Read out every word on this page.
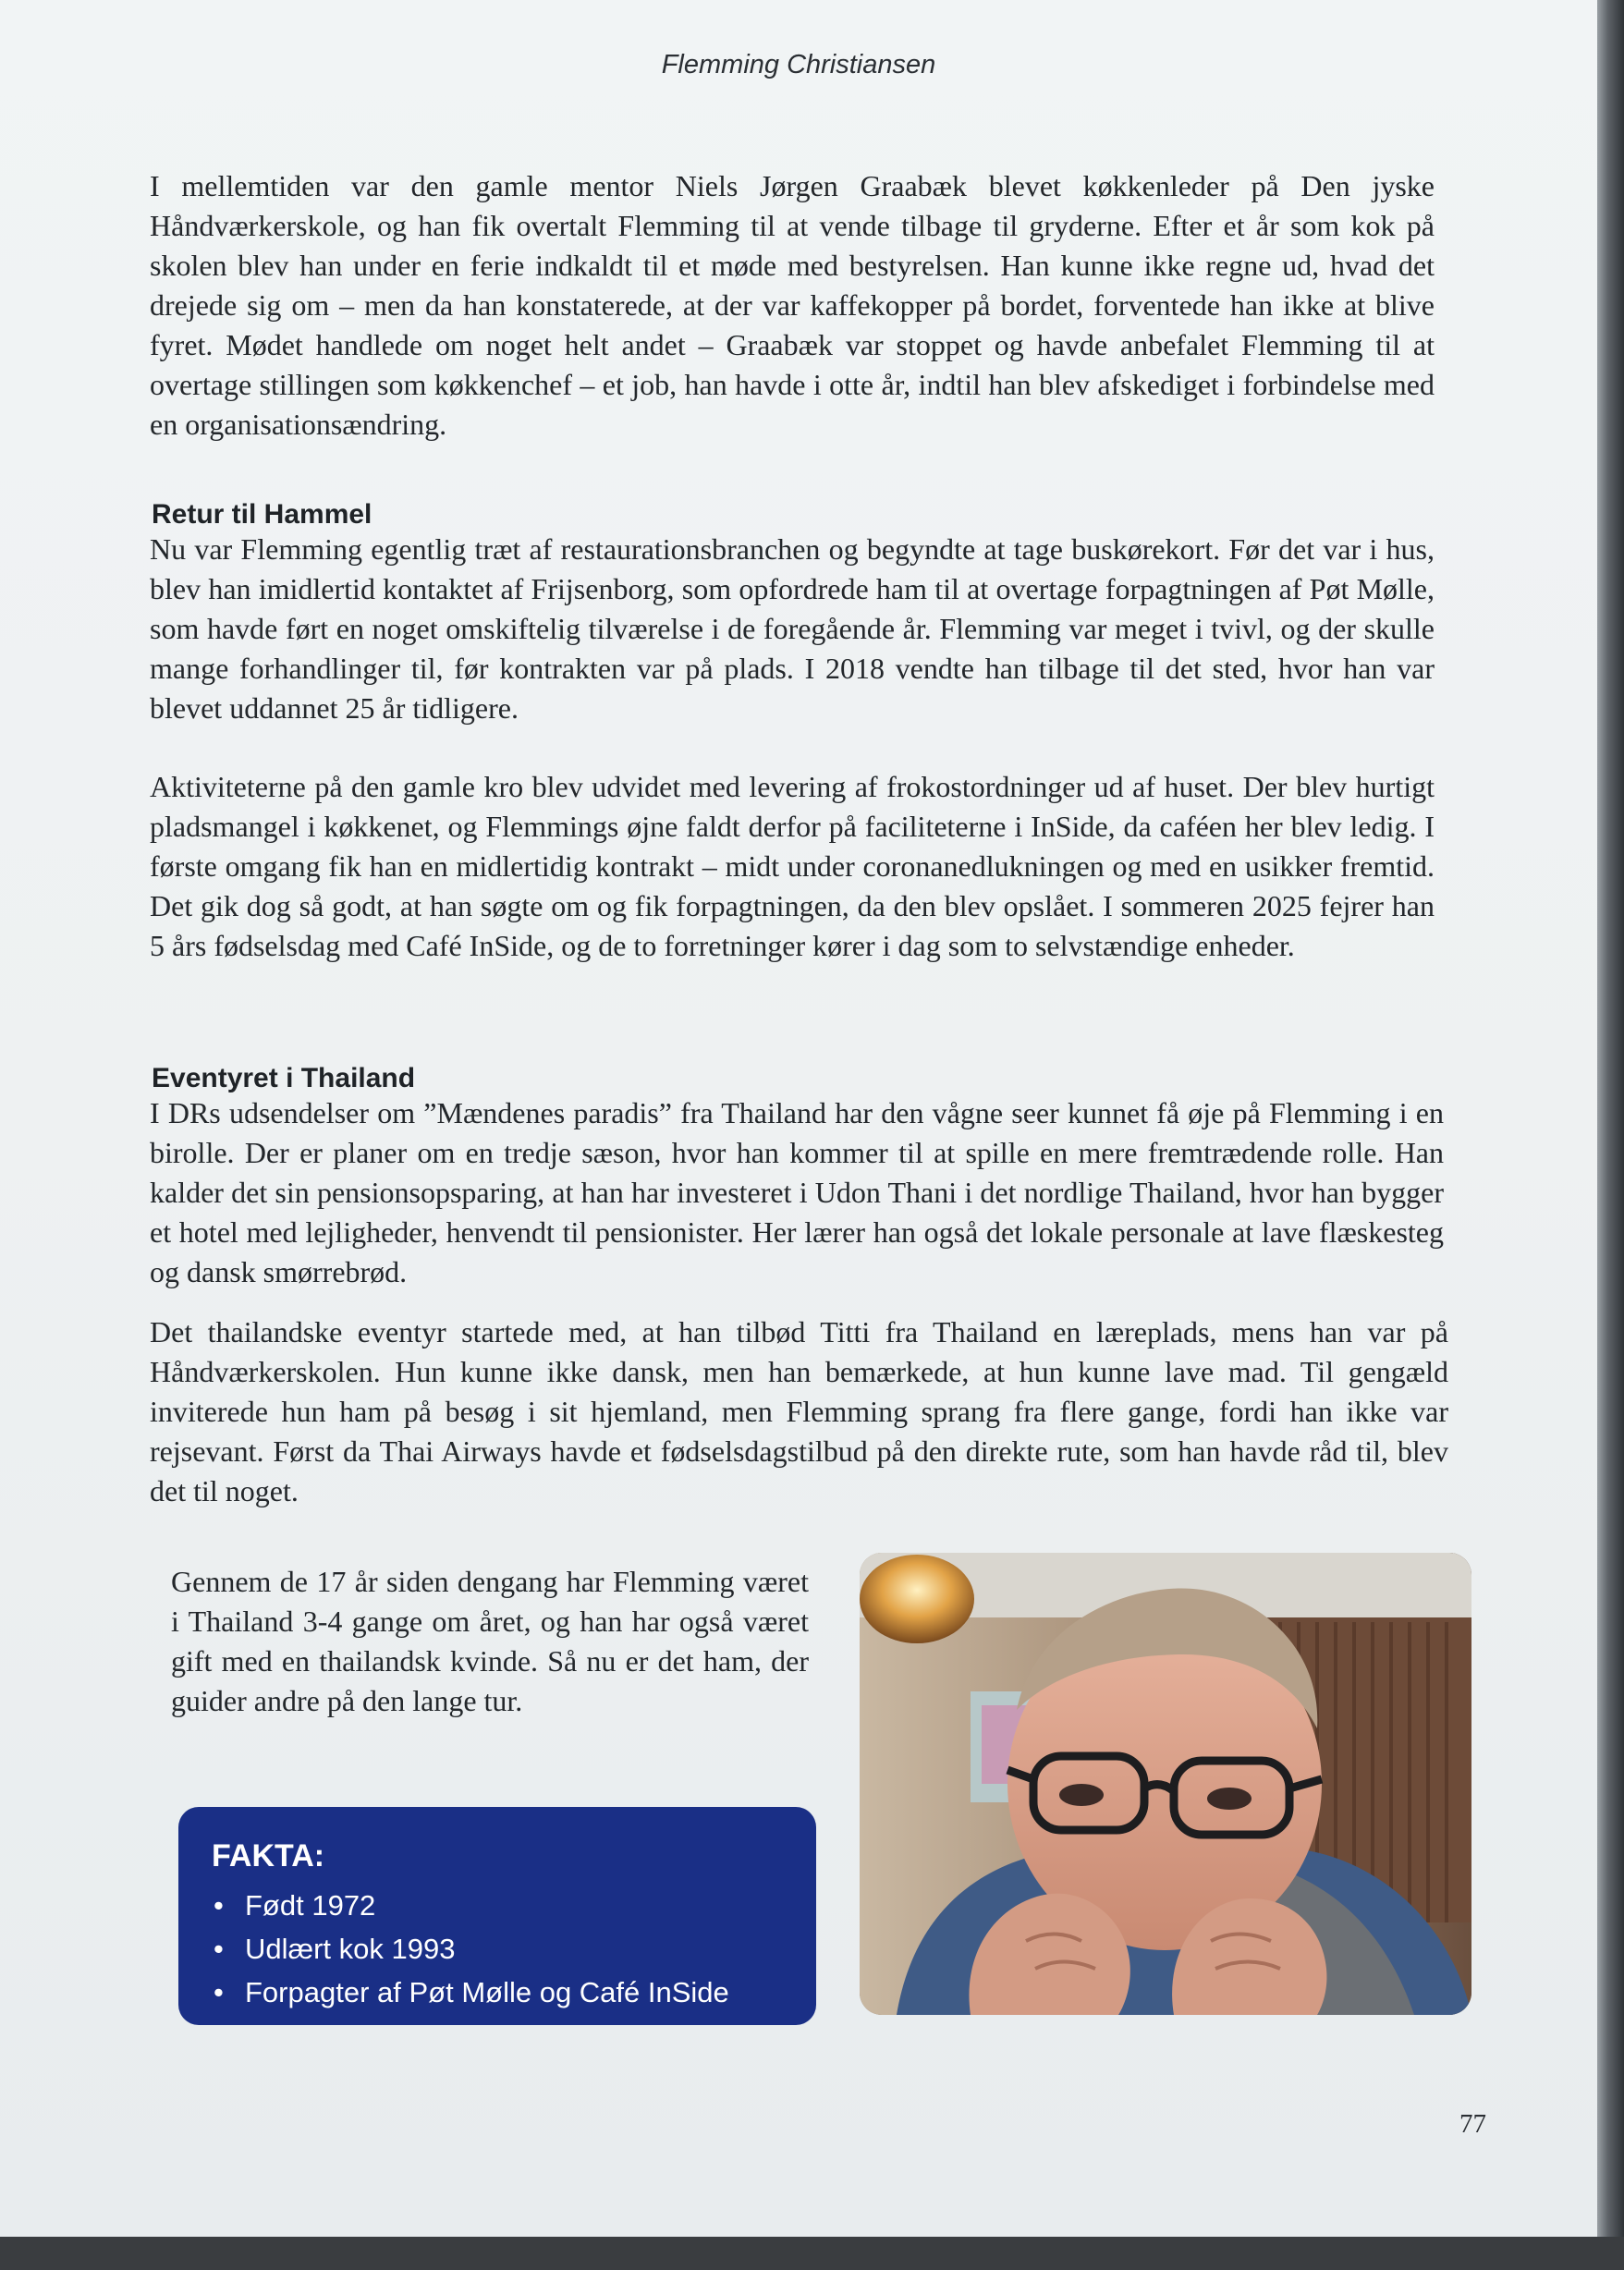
Flemming Christiansen

I mellemtiden var den gamle mentor Niels Jørgen Graabæk blevet køkkenleder på Den jyske Håndværkerskole, og han fik overtalt Flemming til at vende tilbage til gryderne. Efter et år som kok på skolen blev han under en ferie indkaldt til et møde med bestyrelsen. Han kunne ikke regne ud, hvad det drejede sig om – men da han konstaterede, at der var kaffekopper på bordet, forventede han ikke at blive fyret. Mødet handlede om noget helt andet – Graabæk var stoppet og havde anbefalet Flemming til at overtage stillingen som køkkenchef – et job, han havde i otte år, indtil han blev afskediget i forbindelse med en organisationsændring.

Retur til Hammel

Nu var Flemming egentlig træt af restaurationsbranchen og begyndte at tage buskørekort. Før det var i hus, blev han imidlertid kontaktet af Frijsenborg, som opfordrede ham til at overtage forpagtningen af Pøt Mølle, som havde ført en noget omskiftelig tilværelse i de foregående år. Flemming var meget i tvivl, og der skulle mange forhandlinger til, før kontrakten var på plads. I 2018 vendte han tilbage til det sted, hvor han var blevet uddannet 25 år tidligere.

Aktiviteterne på den gamle kro blev udvidet med levering af frokostordninger ud af huset. Der blev hurtigt pladsmangel i køkkenet, og Flemmings øjne faldt derfor på faciliteterne i InSide, da caféen her blev ledig. I første omgang fik han en midlertidig kontrakt – midt under coronanedlukningen og med en usikker fremtid. Det gik dog så godt, at han søgte om og fik forpagtningen, da den blev opslået. I sommeren 2025 fejrer han 5 års fødselsdag med Café InSide, og de to forretninger kører i dag som to selvstændige enheder.

Eventyret i Thailand

I DRs udsendelser om ”Mændenes paradis” fra Thailand har den vågne seer kunnet få øje på Flemming i en birolle. Der er planer om en tredje sæson, hvor han kommer til at spille en mere fremtrædende rolle. Han kalder det sin pensionsopsparing, at han har investeret i Udon Thani i det nordlige Thailand, hvor han bygger et hotel med lejligheder, henvendt til pensionister. Her lærer han også det lokale personale at lave flæskesteg og dansk smørrebrød.

Det thailandske eventyr startede med, at han tilbød Titti fra Thailand en læreplads, mens han var på Håndværkerskolen. Hun kunne ikke dansk, men han bemærkede, at hun kunne lave mad. Til gengæld inviterede hun ham på besøg i sit hjemland, men Flemming sprang fra flere gange, fordi han ikke var rejsevant. Først da Thai Airways havde et fødselsdagstilbud på den direkte rute, som han havde råd til, blev det til noget.

Gennem de 17 år siden dengang har Flemming været i Thailand 3-4 gange om året, og han har også været gift med en thailandsk kvinde. Så nu er det ham, der guider andre på den lange tur.

FAKTA:
• Født 1972
• Udlært kok 1993
• Forpagter af Pøt Mølle og Café InSide
77
